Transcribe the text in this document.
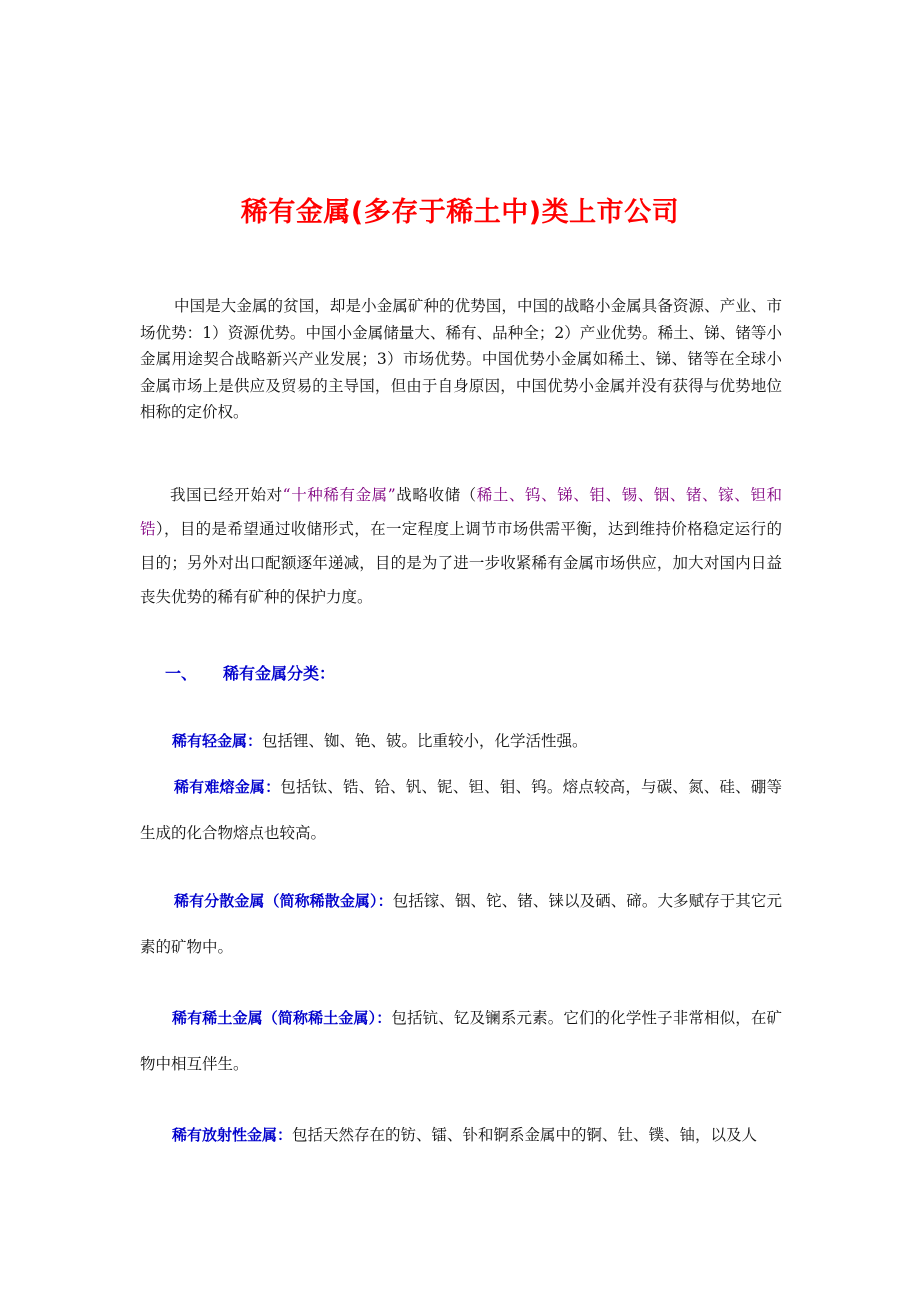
稀有金属(多存于稀土中)类上市公司
中国是大金属的贫国，却是小金属矿种的优势国，中国的战略小金属具备资源、产业、市场优势：1）资源优势。中国小金属储量大、稀有、品种全；2）产业优势。稀土、锑、锗等小金属用途契合战略新兴产业发展；3）市场优势。中国优势小金属如稀土、锑、锗等在全球小金属市场上是供应及贸易的主导国，但由于自身原因，中国优势小金属并没有获得与优势地位相称的定价权。
我国已经开始对“十种稀有金属”战略收储（稀土、钨、锑、钼、锡、铟、锗、镓、钽和锆），目的是希望通过收储形式，在一定程度上调节市场供需平衡，达到维持价格稳定运行的目的；另外对出口配额逐年递减，目的是为了进一步收紧稀有金属市场供应，加大对国内日益丧失优势的稀有矿种的保护力度。
一、 稀有金属分类：
稀有轻金属：包括锂、铷、铯、铍。比重较小，化学活性强。
稀有难熔金属：包括钛、锆、铪、钒、铌、钽、钼、钨。熔点较高，与碳、氮、硅、硼等生成的化合物熔点也较高。
稀有分散金属（简称稀散金属）：包括镓、铟、铊、锗、铼以及硒、碲。大多赋存于其它元素的矿物中。
稀有稀土金属（简称稀土金属）：包括钪、钇及镧系元素。它们的化学性子非常相似，在矿物中相互伴生。
稀有放射性金属：包括天然存在的钫、镭、钋和锕系金属中的锕、钍、镤、铀，以及人
